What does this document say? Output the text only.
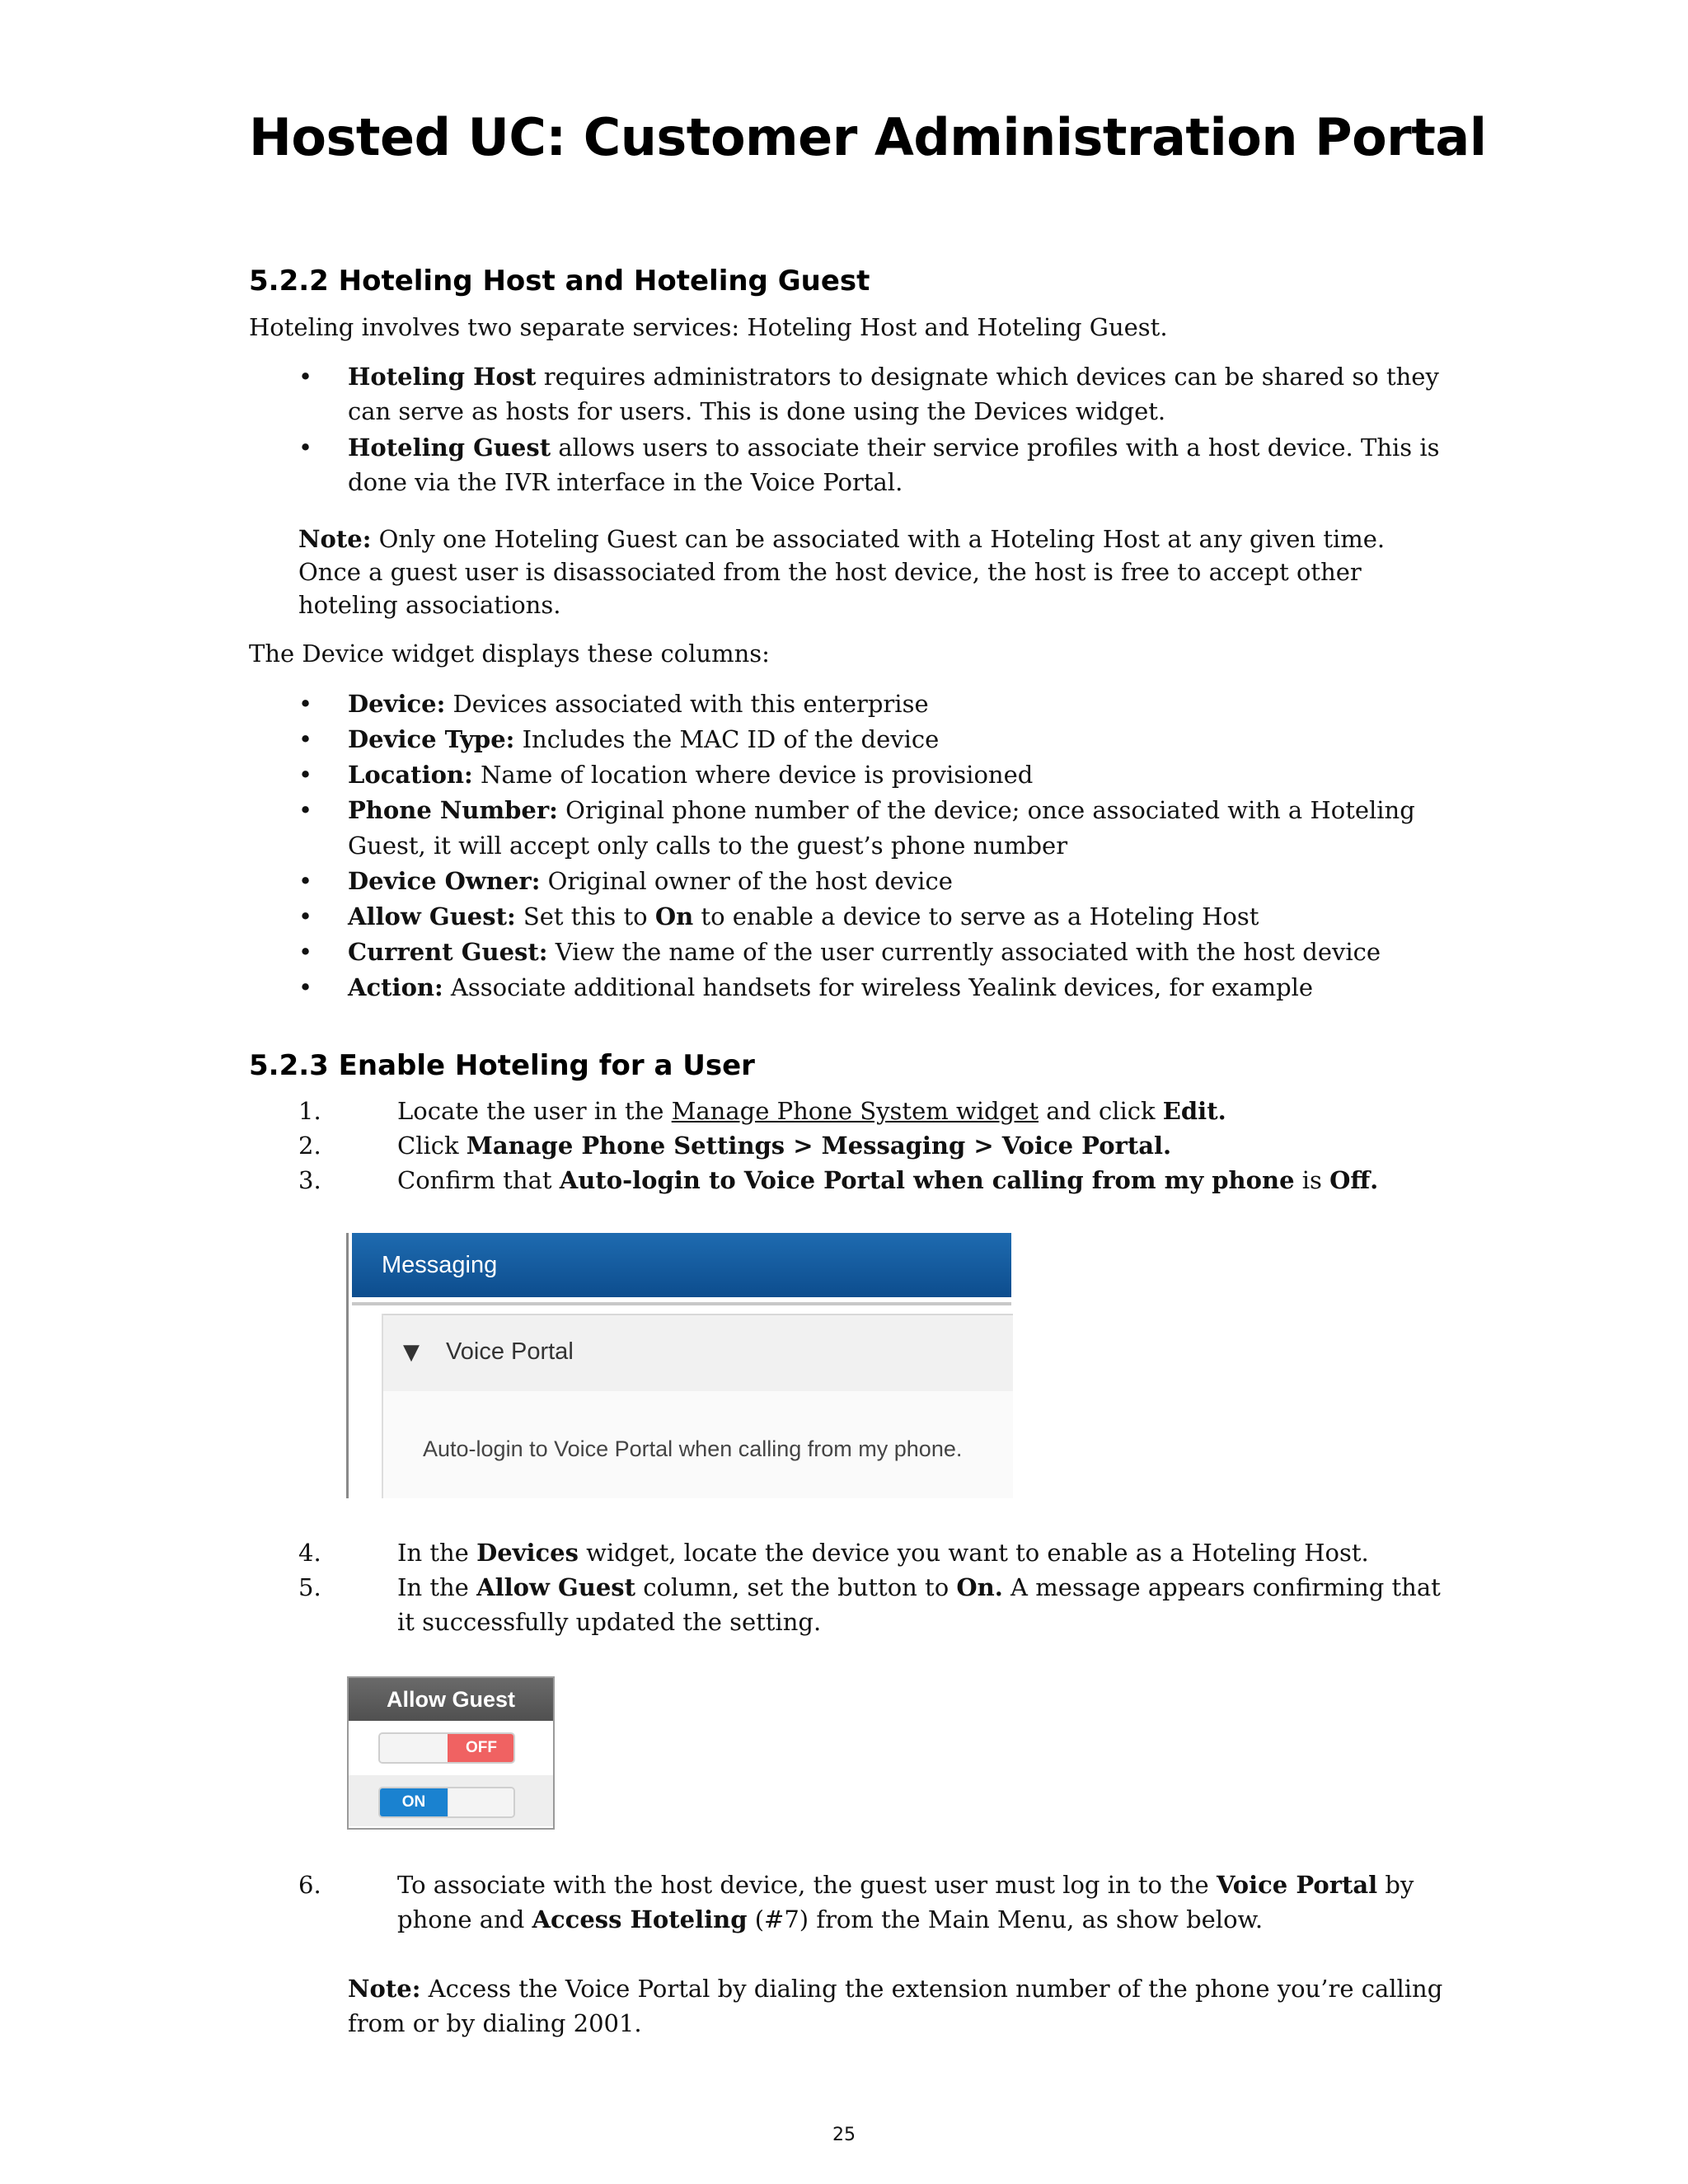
Hosted UC: Customer Administration Portal
5.2.2 Hoteling Host and Hoteling Guest

Hoteling involves two separate services: Hoteling Host and Hoteling Guest.

• Hoteling Host requires administrators to designate which devices can be shared so they can serve as hosts for users. This is done using the Devices widget.
• Hoteling Guest allows users to associate their service profiles with a host device. This is done via the IVR interface in the Voice Portal.

Note: Only one Hoteling Guest can be associated with a Hoteling Host at any given time. Once a guest user is disassociated from the host device, the host is free to accept other hoteling associations.

The Device widget displays these columns:

• Device: Devices associated with this enterprise
• Device Type: Includes the MAC ID of the device
• Location: Name of location where device is provisioned
• Phone Number: Original phone number of the device; once associated with a Hoteling Guest, it will accept only calls to the guest’s phone number
• Device Owner: Original owner of the host device
• Allow Guest: Set this to On to enable a device to serve as a Hoteling Host
• Current Guest: View the name of the user currently associated with the host device
• Action: Associate additional handsets for wireless Yealink devices, for example
5.2.3 Enable Hoteling for a User
1.	Locate the user in the Manage Phone System widget and click Edit.
2.	Click Manage Phone Settings > Messaging > Voice Portal.
3.	Confirm that Auto-login to Voice Portal when calling from my phone is Off.
Messaging
▼ Voice Portal
Auto-login to Voice Portal when calling from my phone.
4.	In the Devices widget, locate the device you want to enable as a Hoteling Host.
5.	In the Allow Guest column, set the button to On. A message appears confirming that it successfully updated the setting.
Allow Guest
OFF
ON
6.	To associate with the host device, the guest user must log in to the Voice Portal by phone and Access Hoteling (#7) from the Main Menu, as show below.

Note: Access the Voice Portal by dialing the extension number of the phone you’re calling from or by dialing 2001.

25
